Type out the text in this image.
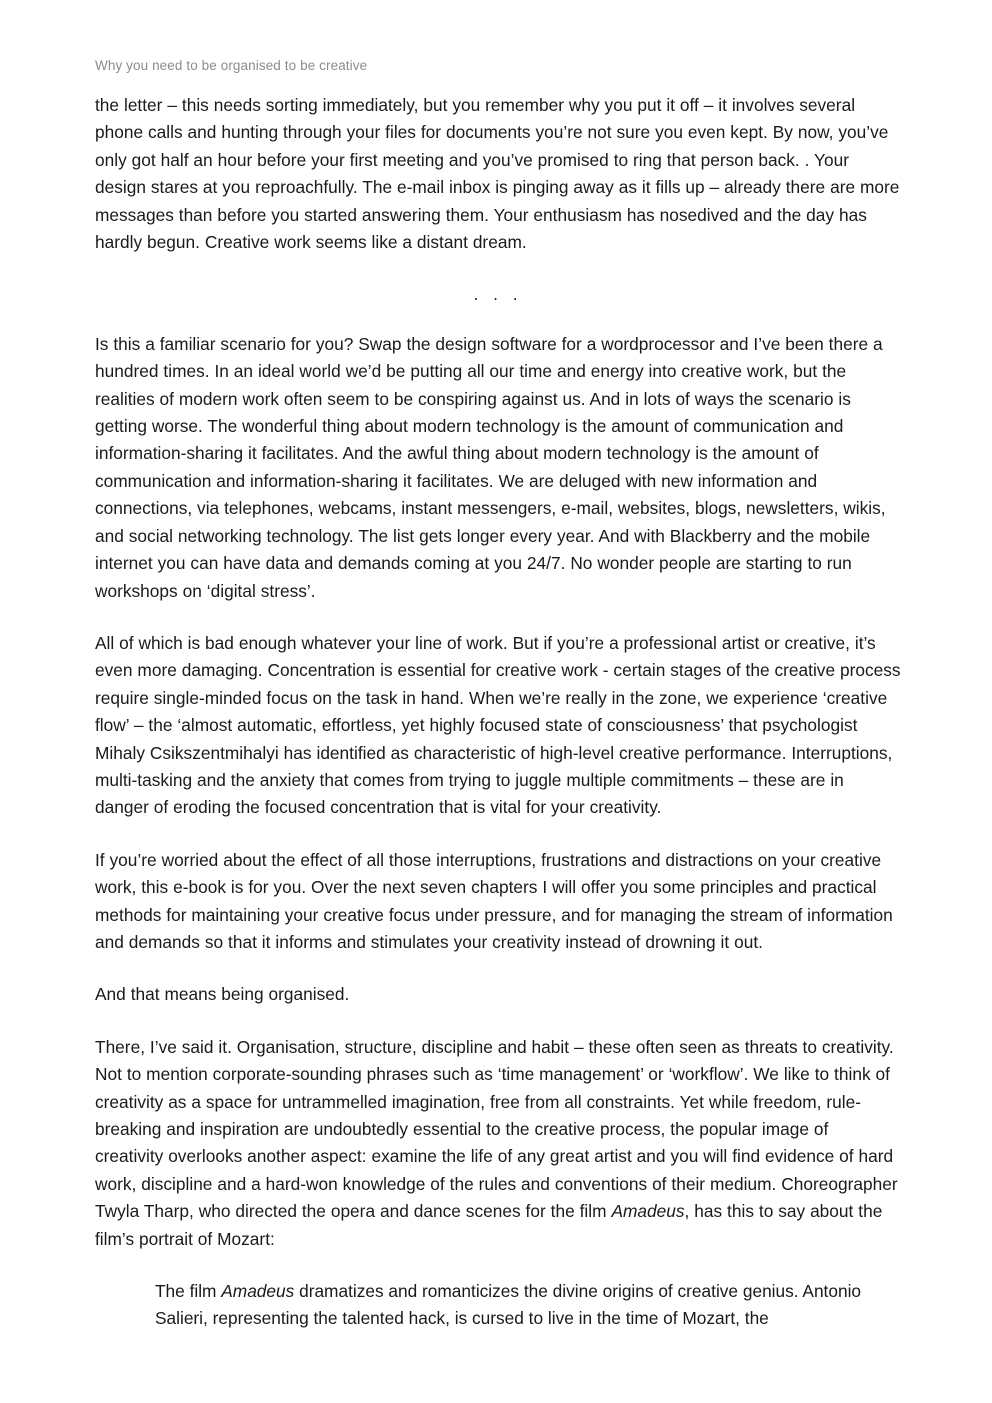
Why you need to be organised to be creative

the letter – this needs sorting immediately, but you remember why you put it off – it involves several phone calls and hunting through your files for documents you’re not sure you even kept. By now, you’ve only got half an hour before your first meeting and you’ve promised to ring that person back. . Your design stares at you reproachfully. The e-mail inbox is pinging away as it fills up – already there are more messages than before you started answering them. Your enthusiasm has nosedived and the day has hardly begun. Creative work seems like a distant dream.

. . .

Is this a familiar scenario for you? Swap the design software for a wordprocessor and I’ve been there a hundred times. In an ideal world we’d be putting all our time and energy into creative work, but the realities of modern work often seem to be conspiring against us. And in lots of ways the scenario is getting worse. The wonderful thing about modern technology is the amount of communication and information-sharing it facilitates. And the awful thing about modern technology is the amount of communication and information-sharing it facilitates. We are deluged with new information and connections, via telephones, webcams, instant messengers, e-mail, websites, blogs, newsletters, wikis, and social networking technology. The list gets longer every year. And with Blackberry and the mobile internet you can have data and demands coming at you 24/7. No wonder people are starting to run workshops on ‘digital stress’.

All of which is bad enough whatever your line of work. But if you’re a professional artist or creative, it’s even more damaging. Concentration is essential for creative work - certain stages of the creative process require single-minded focus on the task in hand. When we’re really in the zone, we experience ‘creative flow’ – the ‘almost automatic, effortless, yet highly focused state of consciousness’ that psychologist Mihaly Csikszentmihalyi has identified as characteristic of high-level creative performance. Interruptions, multi-tasking and the anxiety that comes from trying to juggle multiple commitments – these are in danger of eroding the focused concentration that is vital for your creativity.

If you’re worried about the effect of all those interruptions, frustrations and distractions on your creative work, this e-book is for you. Over the next seven chapters I will offer you some principles and practical methods for maintaining your creative focus under pressure, and for managing the stream of information and demands so that it informs and stimulates your creativity instead of drowning it out.

And that means being organised.

There, I’ve said it. Organisation, structure, discipline and habit – these often seen as threats to creativity. Not to mention corporate-sounding phrases such as ‘time management’ or ‘workflow’. We like to think of creativity as a space for untrammelled imagination, free from all constraints. Yet while freedom, rule-breaking and inspiration are undoubtedly essential to the creative process, the popular image of creativity overlooks another aspect: examine the life of any great artist and you will find evidence of hard work, discipline and a hard-won knowledge of the rules and conventions of their medium. Choreographer Twyla Tharp, who directed the opera and dance scenes for the film Amadeus, has this to say about the film’s portrait of Mozart:

The film Amadeus dramatizes and romanticizes the divine origins of creative genius. Antonio Salieri, representing the talented hack, is cursed to live in the time of Mozart, the
